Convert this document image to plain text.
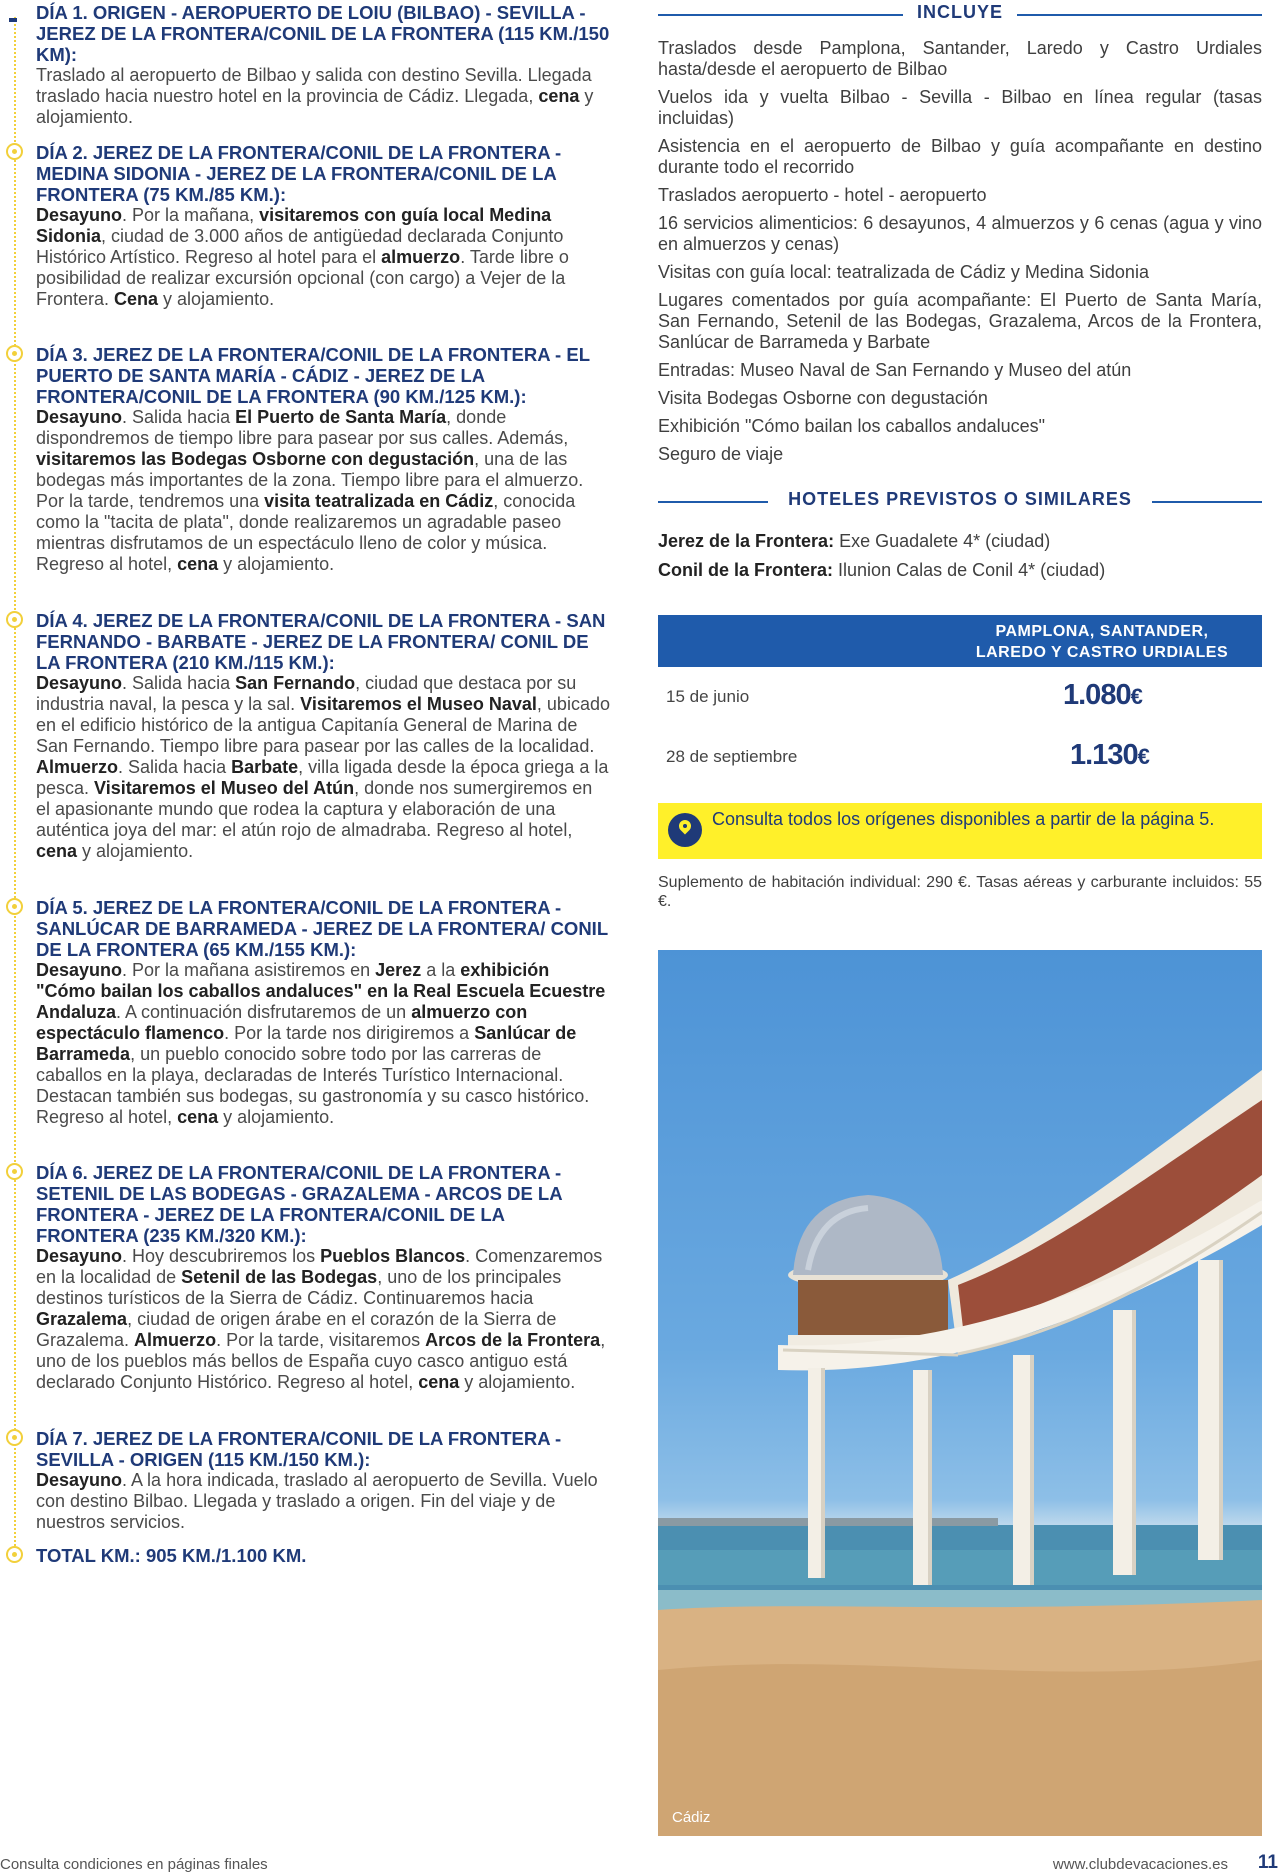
DÍA 1. ORIGEN - AEROPUERTO DE LOIU (BILBAO) - SEVILLA - JEREZ DE LA FRONTERA/CONIL DE LA FRONTERA (115 KM./150 KM):

Traslado al aeropuerto de Bilbao y salida con destino Sevilla. Llegada traslado hacia nuestro hotel en la provincia de Cádiz. Llegada, cena y alojamiento.

DÍA 2. JEREZ DE LA FRONTERA/CONIL DE LA FRONTERA - MEDINA SIDONIA - JEREZ DE LA FRONTERA/CONIL DE LA FRONTERA (75 KM./85 KM.):

Desayuno. Por la mañana, visitaremos con guía local Medina Sidonia, ciudad de 3.000 años de antigüedad declarada Conjunto Histórico Artístico. Regreso al hotel para el almuerzo. Tarde libre o posibilidad de realizar excursión opcional (con cargo) a Vejer de la Frontera. Cena y alojamiento.

DÍA 3. JEREZ DE LA FRONTERA/CONIL DE LA FRONTERA - EL PUERTO DE SANTA MARÍA - CÁDIZ - JEREZ DE LA FRONTERA/CONIL DE LA FRONTERA (90 KM./125 KM.):

Desayuno. Salida hacia El Puerto de Santa María, donde dispondremos de tiempo libre para pasear por sus calles. Además, visitaremos las Bodegas Osborne con degustación, una de las bodegas más importantes de la zona. Tiempo libre para el almuerzo. Por la tarde, tendremos una visita teatralizada en Cádiz, conocida como la "tacita de plata", donde realizaremos un agradable paseo mientras disfrutamos de un espectáculo lleno de color y música. Regreso al hotel, cena y alojamiento.

DÍA 4. JEREZ DE LA FRONTERA/CONIL DE LA FRONTERA - SAN FERNANDO - BARBATE - JEREZ DE LA FRONTERA/ CONIL DE LA FRONTERA (210 KM./115 KM.):

Desayuno. Salida hacia San Fernando, ciudad que destaca por su industria naval, la pesca y la sal. Visitaremos el Museo Naval, ubicado en el edificio histórico de la antigua Capitanía General de Marina de San Fernando. Tiempo libre para pasear por las calles de la localidad. Almuerzo. Salida hacia Barbate, villa ligada desde la época griega a la pesca. Visitaremos el Museo del Atún, donde nos sumergiremos en el apasionante mundo que rodea la captura y elaboración de una auténtica joya del mar: el atún rojo de almadraba. Regreso al hotel, cena y alojamiento.

DÍA 5. JEREZ DE LA FRONTERA/CONIL DE LA FRONTERA - SANLÚCAR DE BARRAMEDA - JEREZ DE LA FRONTERA/ CONIL DE LA FRONTERA (65 KM./155 KM.):

Desayuno. Por la mañana asistiremos en Jerez a la exhibición "Cómo bailan los caballos andaluces" en la Real Escuela Ecuestre Andaluza. A continuación disfrutaremos de un almuerzo con espectáculo flamenco. Por la tarde nos dirigiremos a Sanlúcar de Barrameda, un pueblo conocido sobre todo por las carreras de caballos en la playa, declaradas de Interés Turístico Internacional. Destacan también sus bodegas, su gastronomía y su casco histórico. Regreso al hotel, cena y alojamiento.

DÍA 6. JEREZ DE LA FRONTERA/CONIL DE LA FRONTERA - SETENIL DE LAS BODEGAS - GRAZALEMA - ARCOS DE LA FRONTERA - JEREZ DE LA FRONTERA/CONIL DE LA FRONTERA (235 KM./320 KM.):

Desayuno. Hoy descubriremos los Pueblos Blancos. Comenzaremos en la localidad de Setenil de las Bodegas, uno de los principales destinos turísticos de la Sierra de Cádiz. Continuaremos hacia Grazalema, ciudad de origen árabe en el corazón de la Sierra de Grazalema. Almuerzo. Por la tarde, visitaremos Arcos de la Frontera, uno de los pueblos más bellos de España cuyo casco antiguo está declarado Conjunto Histórico. Regreso al hotel, cena y alojamiento.

DÍA 7. JEREZ DE LA FRONTERA/CONIL DE LA FRONTERA - SEVILLA - ORIGEN (115 KM./150 KM.):

Desayuno. A la hora indicada, traslado al aeropuerto de Sevilla. Vuelo con destino Bilbao. Llegada y traslado a origen. Fin del viaje y de nuestros servicios.

TOTAL KM.: 905 KM./1.100 KM.

INCLUYE
Traslados desde Pamplona, Santander, Laredo y Castro Urdiales hasta/desde el aeropuerto de Bilbao
Vuelos ida y vuelta Bilbao - Sevilla - Bilbao en línea regular (tasas incluidas)
Asistencia en el aeropuerto de Bilbao y guía acompañante en destino durante todo el recorrido
Traslados aeropuerto - hotel - aeropuerto
16 servicios alimenticios: 6 desayunos, 4 almuerzos y 6 cenas (agua y vino en almuerzos y cenas)
Visitas con guía local: teatralizada de Cádiz y Medina Sidonia
Lugares comentados por guía acompañante: El Puerto de Santa María, San Fernando, Setenil de las Bodegas, Grazalema, Arcos de la Frontera, Sanlúcar de Barrameda y Barbate
Entradas: Museo Naval de San Fernando y Museo del atún
Visita Bodegas Osborne con degustación
Exhibición "Cómo bailan los caballos andaluces"
Seguro de viaje
HOTELES PREVISTOS O SIMILARES
Jerez de la Frontera: Exe Guadalete 4* (ciudad)
Conil de la Frontera: Ilunion Calas de Conil 4* (ciudad)
PAMPLONA, SANTANDER,
LAREDO Y CASTRO URDIALES
15 de junio	1.080€
28 de septiembre	1.130€
Consulta todos los orígenes disponibles a partir de la página 5.
Suplemento de habitación individual: 290 €. Tasas aéreas y carburante incluidos: 55 €.
Cádiz
Consulta condiciones en páginas finales	www.clubdevacaciones.es 11
